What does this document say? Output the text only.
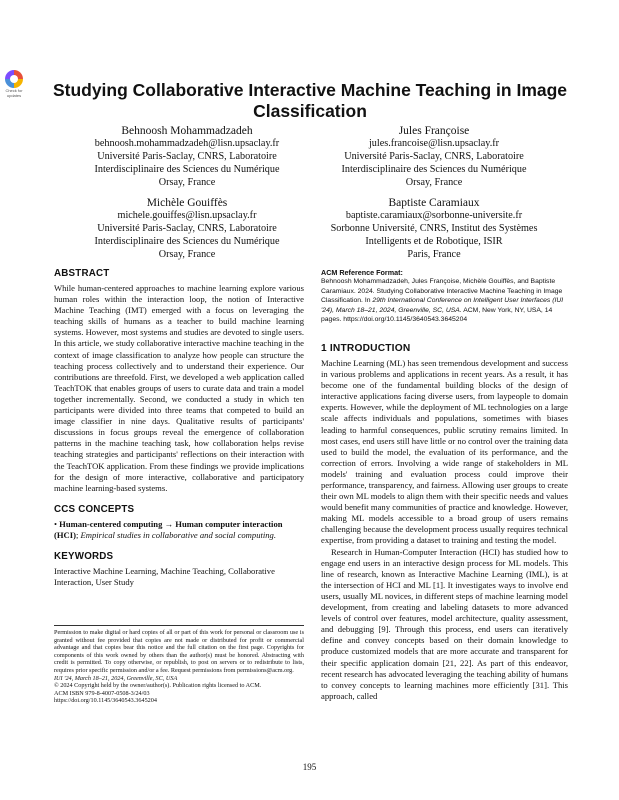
Check for updates	Studying Collaborative Interactive Machine Teaching in Image Classification
Behnoosh Mohammadzadeh
behnoosh.mohammadzadeh@lisn.upsaclay.fr
Université Paris-Saclay, CNRS, Laboratoire
Interdisciplinaire des Sciences du Numérique
Orsay, France
Jules Françoise
jules.francoise@lisn.upsaclay.fr
Université Paris-Saclay, CNRS, Laboratoire
Interdisciplinaire des Sciences du Numérique
Orsay, France
Michèle Gouiffès
michele.gouiffes@lisn.upsaclay.fr
Université Paris-Saclay, CNRS, Laboratoire
Interdisciplinaire des Sciences du Numérique
Orsay, France
Baptiste Caramiaux
baptiste.caramiaux@sorbonne-universite.fr
Sorbonne Université, CNRS, Institut des Systèmes
Intelligents et de Robotique, ISIR
Paris, France
ABSTRACT

While human-centered approaches to machine learning explore various human roles within the interaction loop, the notion of Interactive Machine Teaching (IMT) emerged with a focus on leveraging the teaching skills of humans as a teacher to build machine learning systems. However, most systems and studies are devoted to single users. In this article, we study collaborative interactive machine teaching in the context of image classification to analyze how people can structure the teaching process collectively and to understand their experience. Our contributions are threefold. First, we developed a web application called TeachTOK that enables groups of users to curate data and train a model together incrementally. Second, we conducted a study in which ten participants were divided into three teams that competed to build an image classifier in nine days. Qualitative results of participants' discussions in focus groups reveal the emergence of collaboration patterns in the machine teaching task, how collaboration helps revise teaching strategies and participants' reflections on their interaction with the TeachTOK application. From these findings we provide implications for the design of more interactive, collaborative and participatory machine learning-based systems.

CCS CONCEPTS
• Human-centered computing → Human computer interaction (HCI); Empirical studies in collaborative and social computing.
KEYWORDS

Interactive Machine Learning, Machine Teaching, Collaborative Interaction, User Study

Permission to make digital or hard copies of all or part of this work for personal or classroom use is granted without fee provided that copies are not made or distributed for profit or commercial advantage and that copies bear this notice and the full citation on the first page. Copyrights for components of this work owned by others than the author(s) must be honored. Abstracting with credit is permitted. To copy otherwise, or republish, to post on servers or to redistribute to lists, requires prior specific permission and/or a fee. Request permissions from permissions@acm.org.

IUI '24, March 18–21, 2024, Greenville, SC, USA

© 2024 Copyright held by the owner/author(s). Publication rights licensed to ACM.

ACM ISBN 979-8-4007-0508-3/24/03

https://doi.org/10.1145/3640543.3645204

ACM Reference Format:
Behnoosh Mohammadzadeh, Jules Françoise, Michèle Gouiffès, and Baptiste Caramiaux. 2024. Studying Collaborative Interactive Machine Teaching in Image Classification. In 29th International Conference on Intelligent User Interfaces (IUI '24), March 18–21, 2024, Greenville, SC, USA. ACM, New York, NY, USA, 14 pages. https://doi.org/10.1145/3640543.3645204
1 INTRODUCTION

Machine Learning (ML) has seen tremendous development and success in various problems and applications in recent years. As a result, it has become one of the fundamental building blocks of the design of interactive applications facing diverse users, from laypeople to domain experts. However, while the deployment of ML technologies on a large scale affects individuals and populations, sometimes with biases leading to harmful consequences, public scrutiny remains limited. In most cases, end users still have little or no control over the training data used to build the model, the evaluation of its performance, and the correction of errors. Involving a wide range of stakeholders in ML models' training and evaluation process could improve their performance, transparency, and fairness. Allowing user groups to create their own ML models to align them with their specific needs and values would benefit many communities of practice and knowledge. However, making ML models accessible to a broad group of users remains challenging because the development process usually requires technical expertise, from providing a dataset to training and testing the model.

Research in Human-Computer Interaction (HCI) has studied how to engage end users in an interactive design process for ML models. This line of research, known as Interactive Machine Learning (IML), is at the intersection of HCI and ML [1]. It investigates ways to involve end users, usually ML novices, in different steps of machine learning model development, from creating and labeling datasets to more advanced levels of control over features, model architecture, quality assessment, and debugging [9]. Through this process, end users can iteratively define and convey concepts based on their domain knowledge to produce customized models that are more accurate and transparent for their specific application domain [21, 22]. As part of this endeavor, recent research has advocated leveraging the teaching ability of humans to convey concepts to learning machines more efficiently [31]. This approach, called

195
